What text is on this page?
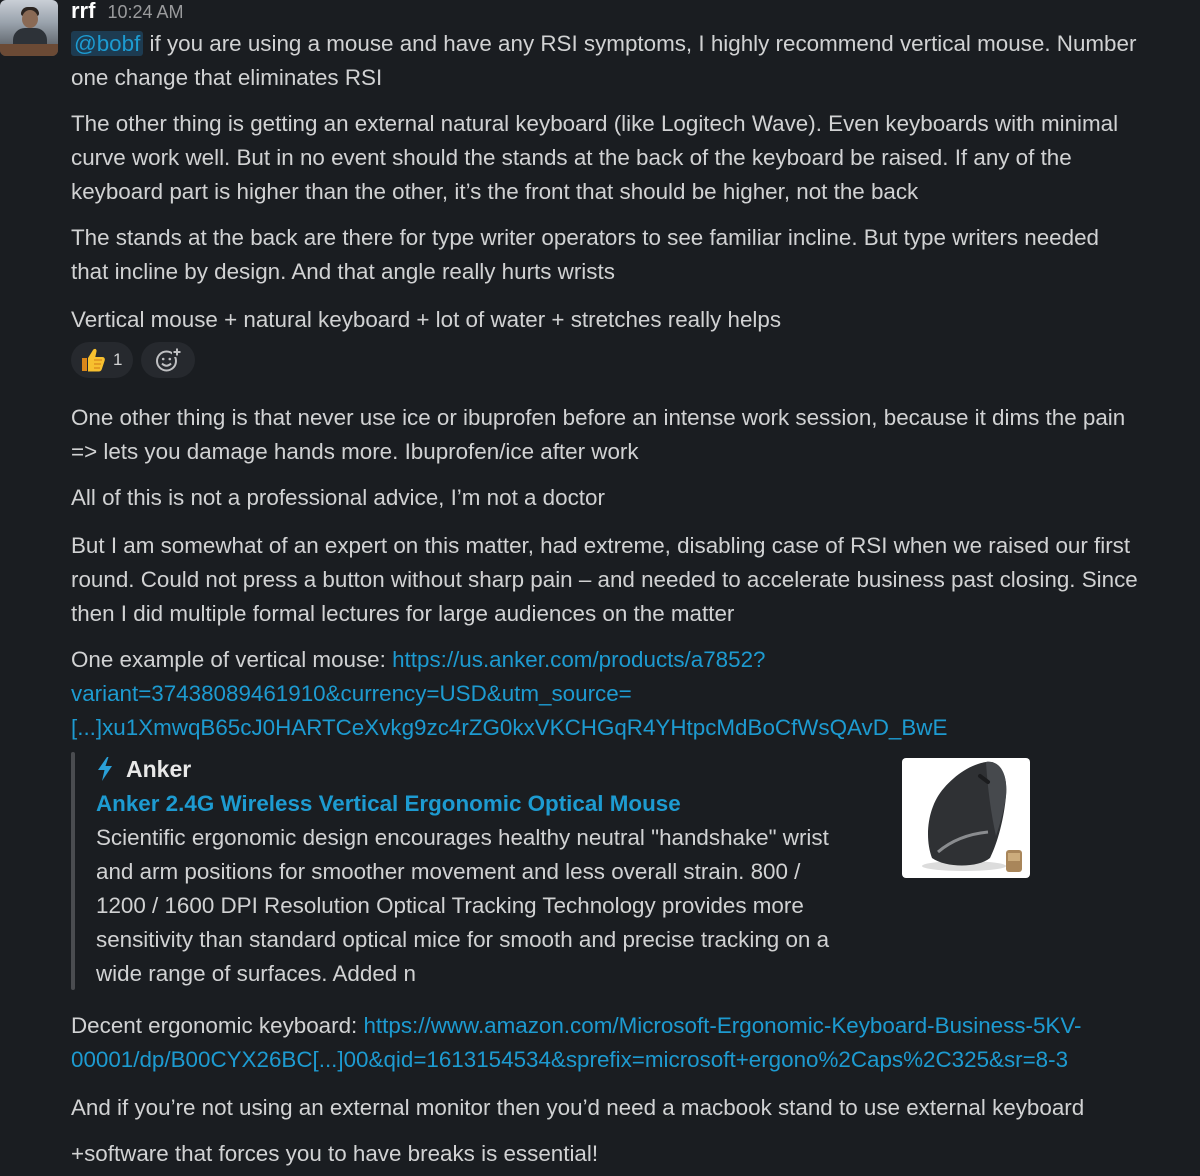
rrf 10:24 AM
@bobf if you are using a mouse and have any RSI symptoms, I highly recommend vertical mouse. Number
one change that eliminates RSI
The other thing is getting an external natural keyboard (like Logitech Wave). Even keyboards with minimal
curve work well. But in no event should the stands at the back of the keyboard be raised. If any of the
keyboard part is higher than the other, it’s the front that should be higher, not the back
The stands at the back are there for type writer operators to see familiar incline. But type writers needed
that incline by design. And that angle really hurts wrists
Vertical mouse + natural keyboard + lot of water + stretches really helps
1
One other thing is that never use ice or ibuprofen before an intense work session, because it dims the pain
=> lets you damage hands more. Ibuprofen/ice after work
All of this is not a professional advice, I’m not a doctor
But I am somewhat of an expert on this matter, had extreme, disabling case of RSI when we raised our first
round. Could not press a button without sharp pain – and needed to accelerate business past closing. Since
then I did multiple formal lectures for large audiences on the matter
One example of vertical mouse: https://us.anker.com/products/a7852?
variant=37438089461910&currency=USD&utm_source=
[...]xu1XmwqB65cJ0HARTCeXvkg9zc4rZG0kxVKCHGqR4YHtpcMdBoCfWsQAvD_BwE
Anker
Anker 2.4G Wireless Vertical Ergonomic Optical Mouse
Scientific ergonomic design encourages healthy neutral "handshake" wrist
and arm positions for smoother movement and less overall strain. 800 /
1200 / 1600 DPI Resolution Optical Tracking Technology provides more
sensitivity than standard optical mice for smooth and precise tracking on a
wide range of surfaces. Added n
Decent ergonomic keyboard: https://www.amazon.com/Microsoft-Ergonomic-Keyboard-Business-5KV-
00001/dp/B00CYX26BC[...]00&qid=1613154534&sprefix=microsoft+ergono%2Caps%2C325&sr=8-3
And if you’re not using an external monitor then you’d need a macbook stand to use external keyboard
+software that forces you to have breaks is essential!
